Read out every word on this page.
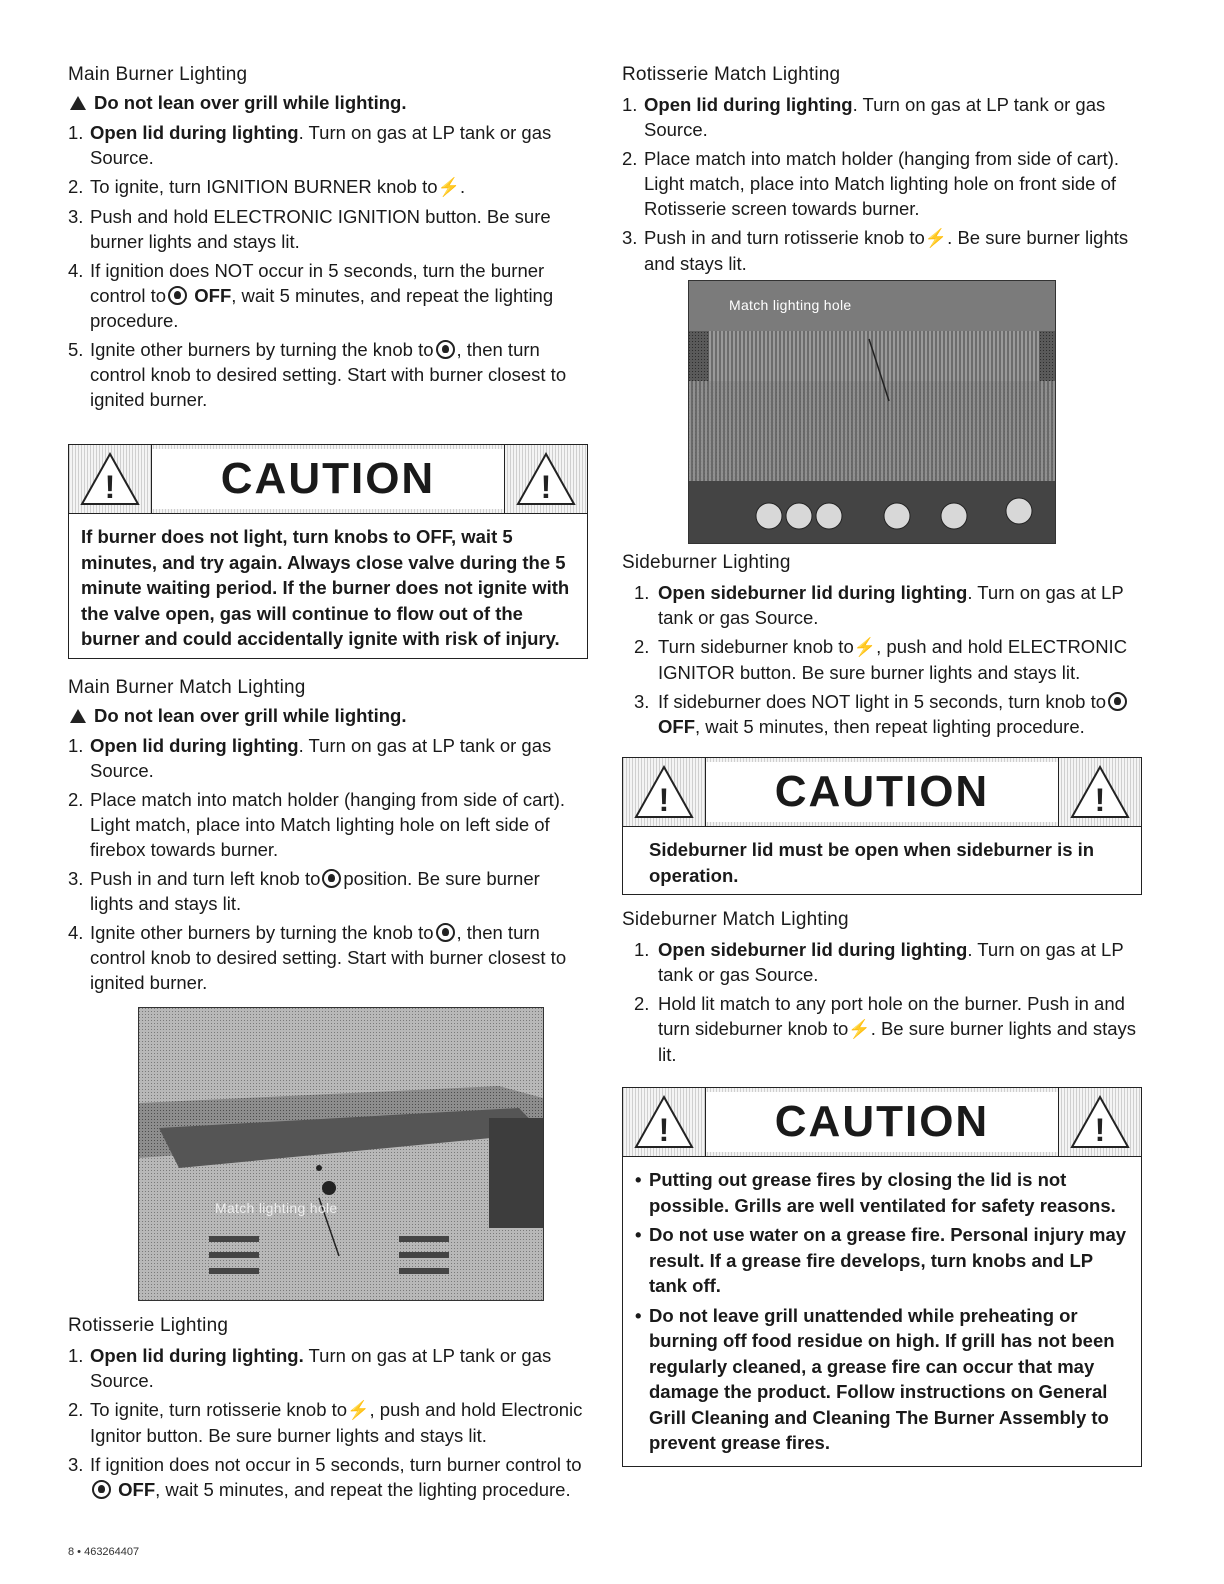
Main Burner Lighting
Do not lean over grill while lighting.
1. Open lid during lighting. Turn on gas at LP tank or gas Source.
2. To ignite, turn IGNITION BURNER knob to⚡.
3. Push and hold ELECTRONIC IGNITION button. Be sure burner lights and stays lit.
4. If ignition does NOT occur in 5 seconds, turn the burner control to OFF, wait 5 minutes, and repeat the lighting procedure.
5. Ignite other burners by turning the knob to , then turn control knob to desired setting. Start with burner closest to ignited burner.
!	CAUTION	!
If burner does not light, turn knobs to OFF, wait 5 minutes, and try again. Always close valve during the 5 minute waiting period. If the burner does not ignite with the valve open, gas will continue to flow out of the burner and could accidentally ignite with risk of injury.
Main Burner Match Lighting
Do not lean over grill while lighting.
1. Open lid during lighting. Turn on gas at LP tank or gas Source.
2. Place match into match holder (hanging from side of cart). Light match, place into Match lighting hole on left side of firebox towards burner.
3. Push in and turn left knob to position. Be sure burner lights and stays lit.
4. Ignite other burners by turning the knob to , then turn control knob to desired setting. Start with burner closest to ignited burner.
Match lighting hole
Rotisserie Lighting
1. Open lid during lighting. Turn on gas at LP tank or gas Source.
2. To ignite, turn rotisserie knob to⚡, push and hold Electronic Ignitor button. Be sure burner lights and stays lit.
3. If ignition does not occur in 5 seconds, turn burner control to  OFF, wait 5 minutes, and repeat the lighting procedure.
Rotisserie Match Lighting
1. Open lid during lighting. Turn on gas at LP tank or gas Source.
2. Place match into match holder (hanging from side of cart). Light match, place into Match lighting hole on front side of Rotisserie screen towards burner.
3. Push in and turn rotisserie knob to⚡. Be sure burner lights and stays lit.
Match lighting hole
Sideburner Lighting
1. Open sideburner lid during lighting. Turn on gas at LP tank or gas Source.
2. Turn sideburner knob to⚡, push and hold ELECTRONIC IGNITOR button. Be sure burner lights and stays lit.
3. If sideburner does NOT light in 5 seconds, turn knob to OFF, wait 5 minutes, then repeat lighting procedure.
!	CAUTION	!
Sideburner lid must be open when sideburner is in operation.
Sideburner Match Lighting
1. Open sideburner lid during lighting. Turn on gas at LP tank or gas Source.
2. Hold lit match to any port hole on the burner. Push in and turn sideburner knob to⚡. Be sure burner lights and stays lit.
!	CAUTION	!
• Putting out grease fires by closing the lid is not possible. Grills are well ventilated for safety reasons.
• Do not use water on a grease fire. Personal injury may result. If a grease fire develops, turn knobs and LP tank off.
• Do not leave grill unattended while preheating or burning off food residue on high. If grill has not been regularly cleaned, a grease fire can occur that may damage the product. Follow instructions on General Grill Cleaning and Cleaning The Burner Assembly to prevent grease fires.
8 • 463264407
